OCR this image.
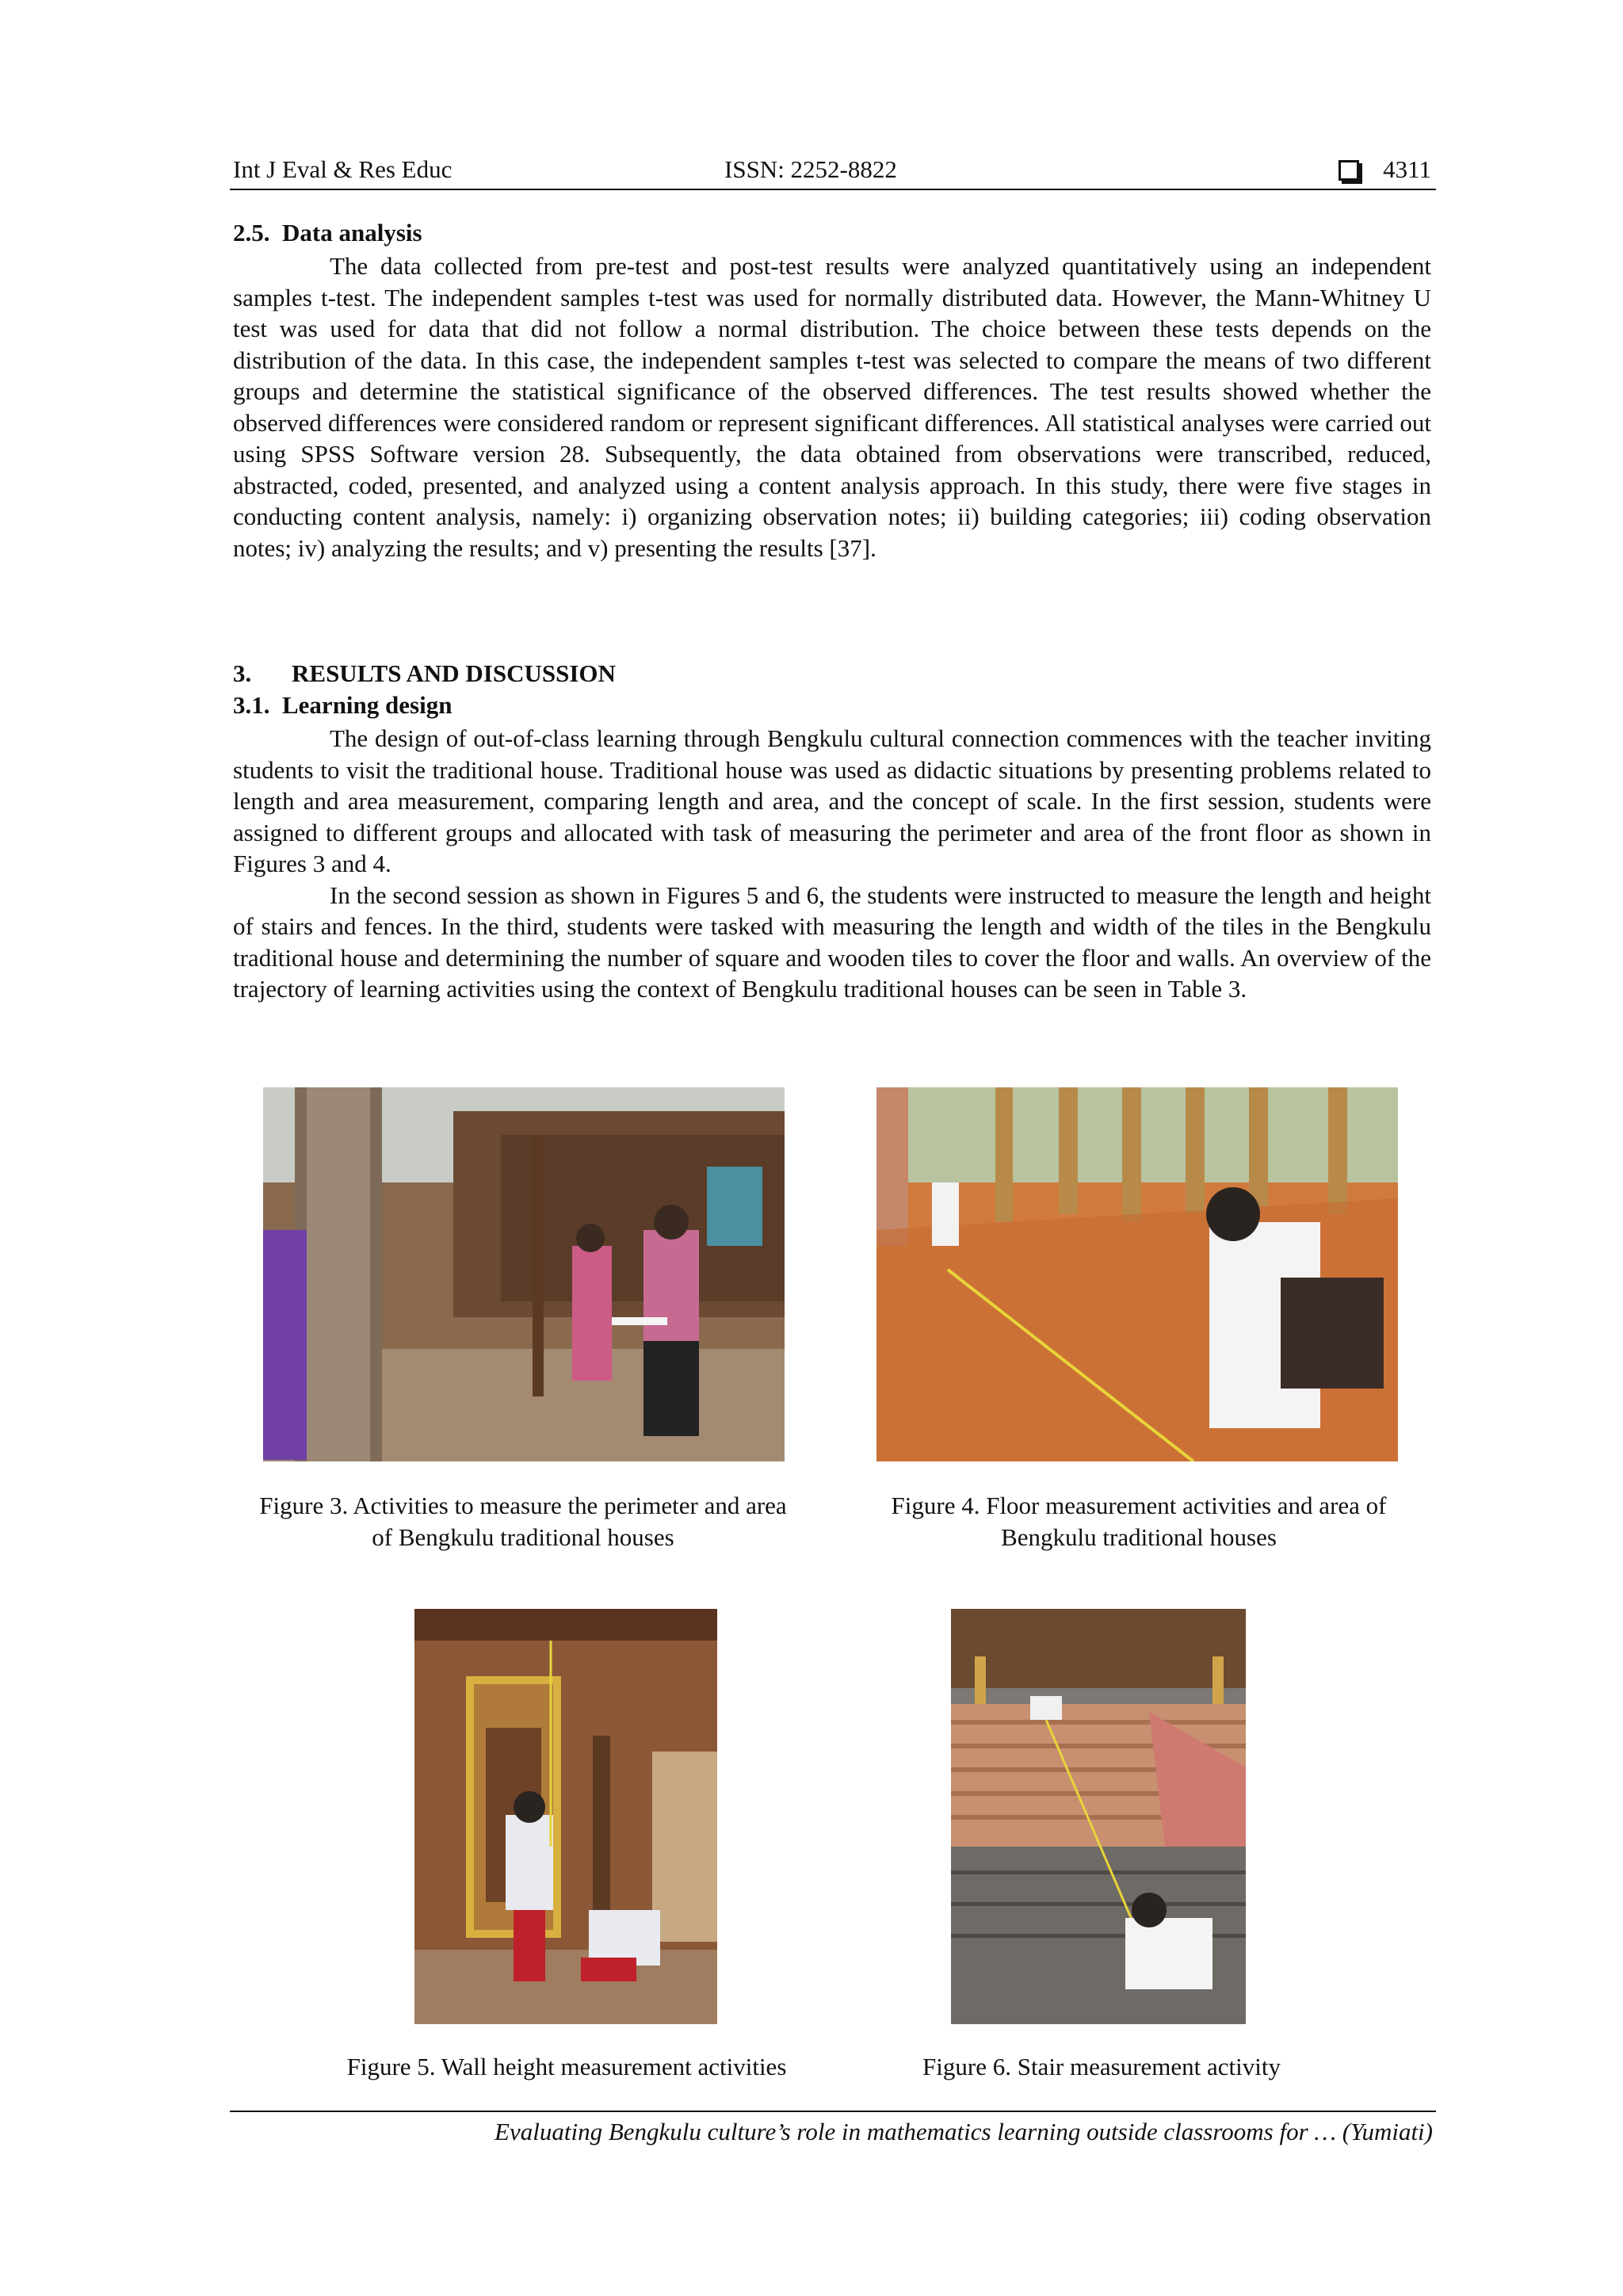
Int J Eval & Res Educ	ISSN: 2252-8822	4311
2.5. Data analysis

The data collected from pre-test and post-test results were analyzed quantitatively using an independent samples t-test. The independent samples t-test was used for normally distributed data. However, the Mann-Whitney U test was used for data that did not follow a normal distribution. The choice between these tests depends on the distribution of the data. In this case, the independent samples t-test was selected to compare the means of two different groups and determine the statistical significance of the observed differences. The test results showed whether the observed differences were considered random or represent significant differences. All statistical analyses were carried out using SPSS Software version 28. Subsequently, the data obtained from observations were transcribed, reduced, abstracted, coded, presented, and analyzed using a content analysis approach. In this study, there were five stages in conducting content analysis, namely: i) organizing observation notes; ii) building categories; iii) coding observation notes; iv) analyzing the results; and v) presenting the results [37].

3. RESULTS AND DISCUSSION
3.1. Learning design

The design of out-of-class learning through Bengkulu cultural connection commences with the teacher inviting students to visit the traditional house. Traditional house was used as didactic situations by presenting problems related to length and area measurement, comparing length and area, and the concept of scale. In the first session, students were assigned to different groups and allocated with task of measuring the perimeter and area of the front floor as shown in Figures 3 and 4.

In the second session as shown in Figures 5 and 6, the students were instructed to measure the length and height of stairs and fences. In the third, students were tasked with measuring the length and width of the tiles in the Bengkulu traditional house and determining the number of square and wooden tiles to cover the floor and walls. An overview of the trajectory of learning activities using the context of Bengkulu traditional houses can be seen in Table 3.

Figure 3. Activities to measure the perimeter and area of Bengkulu traditional houses
Figure 4. Floor measurement activities and area of Bengkulu traditional houses
Figure 5. Wall height measurement activities	Figure 6. Stair measurement activity
Evaluating Bengkulu culture’s role in mathematics learning outside classrooms for … (Yumiati)
